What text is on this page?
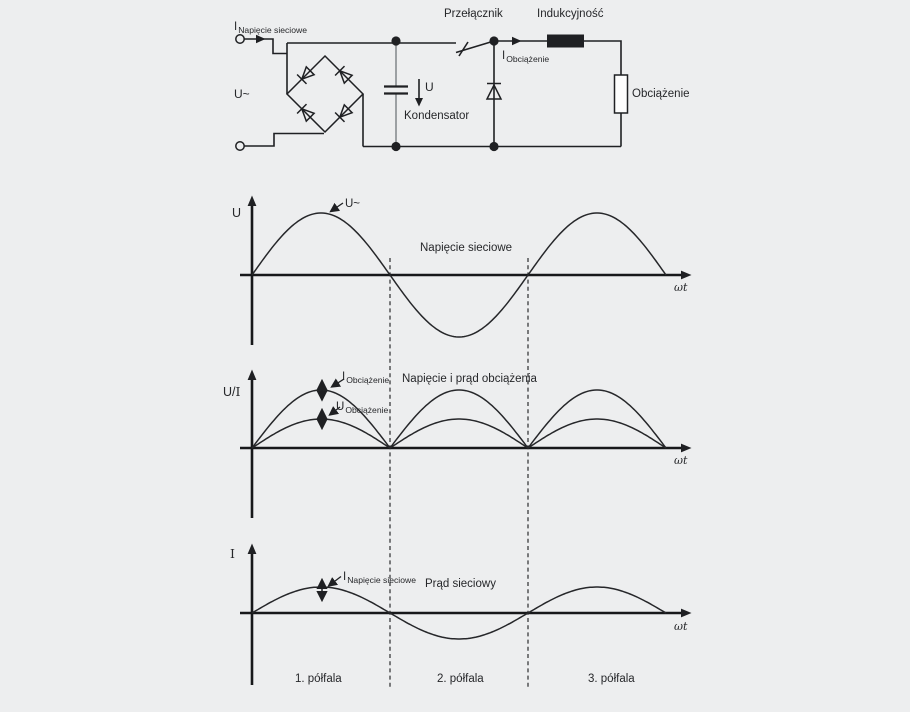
$I_{Napięcie sieciowe}$
U~
Przełącznik	Indukcyjność
$I_{Obciążenie}$
Obciążenie
U
Kondensator
U
U~
Napięcie sieciowe
ωt
U/I
$I_{Obciążenie}$
$U_{Obciążenie}$
Napięcie i prąd obciążenia
ωt
I
$I_{Napięcie sieciowe}$ Prąd sieciowy
ωt
1. półfala	2. półfala	3. półfala
